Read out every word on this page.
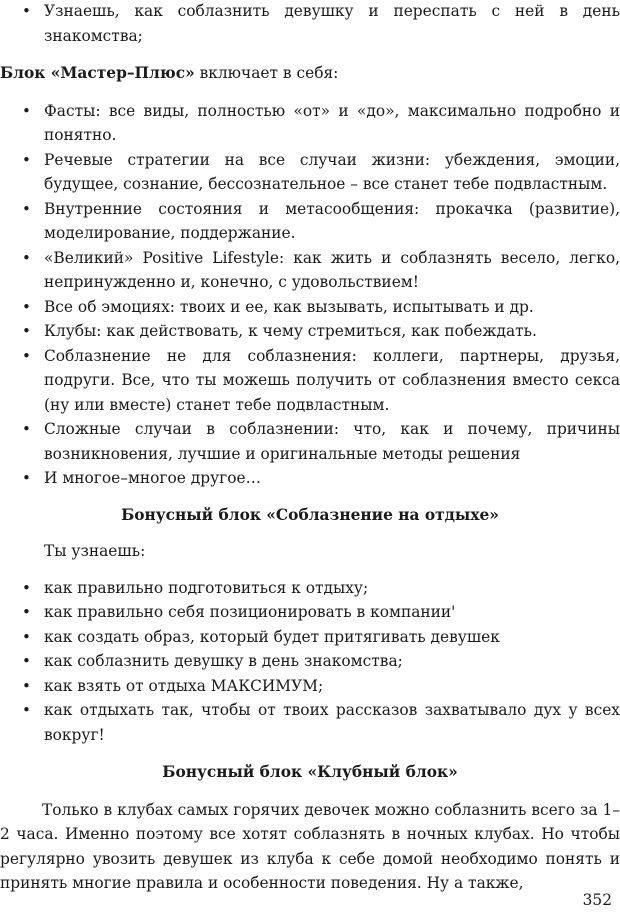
• Узнаешь, как соблазнить девушку и переспать с ней в день знакомства;
Блок «Мастер–Плюс» включает в себя:
• Фасты: все виды, полностью «от» и «до», максимально подробно и понятно.
• Речевые стратегии на все случаи жизни: убеждения, эмоции, будущее, сознание, бессознательное – все станет тебе подвластным.
• Внутренние состояния и метасообщения: прокачка (развитие), моделирование, поддержание.
• «Великий» Positive Lifestyle: как жить и соблазнять весело, легко, непринужденно и, конечно, с удовольствием!
• Все об эмоциях: твоих и ее, как вызывать, испытывать и др.
• Клубы: как действовать, к чему стремиться, как побеждать.
• Соблазнение не для соблазнения: коллеги, партнеры, друзья, подруги. Все, что ты можешь получить от соблазнения вместо секса (ну или вместе) станет тебе подвластным.
• Сложные случаи в соблазнении: что, как и почему, причины возникновения, лучшие и оригинальные методы решения
• И многое–многое другое…
Бонусный блок «Соблазнение на отдыхе»
Ты узнаешь:
• как правильно подготовиться к отдыху;
• как правильно себя позиционировать в компании'
• как создать образ, который будет притягивать девушек
• как соблазнить девушку в день знакомства;
• как взять от отдыха МАКСИМУМ;
• как отдыхать так, чтобы от твоих рассказов захватывало дух у всех вокруг!
Бонусный блок «Клубный блок»
Только в клубах самых горячих девочек можно соблазнить всего за 1–2 часа. Именно поэтому все хотят соблазнять в ночных клубах. Но чтобы регулярно увозить девушек из клуба к себе домой необходимо понять и принять многие правила и особенности поведения. Ну а также,
352
